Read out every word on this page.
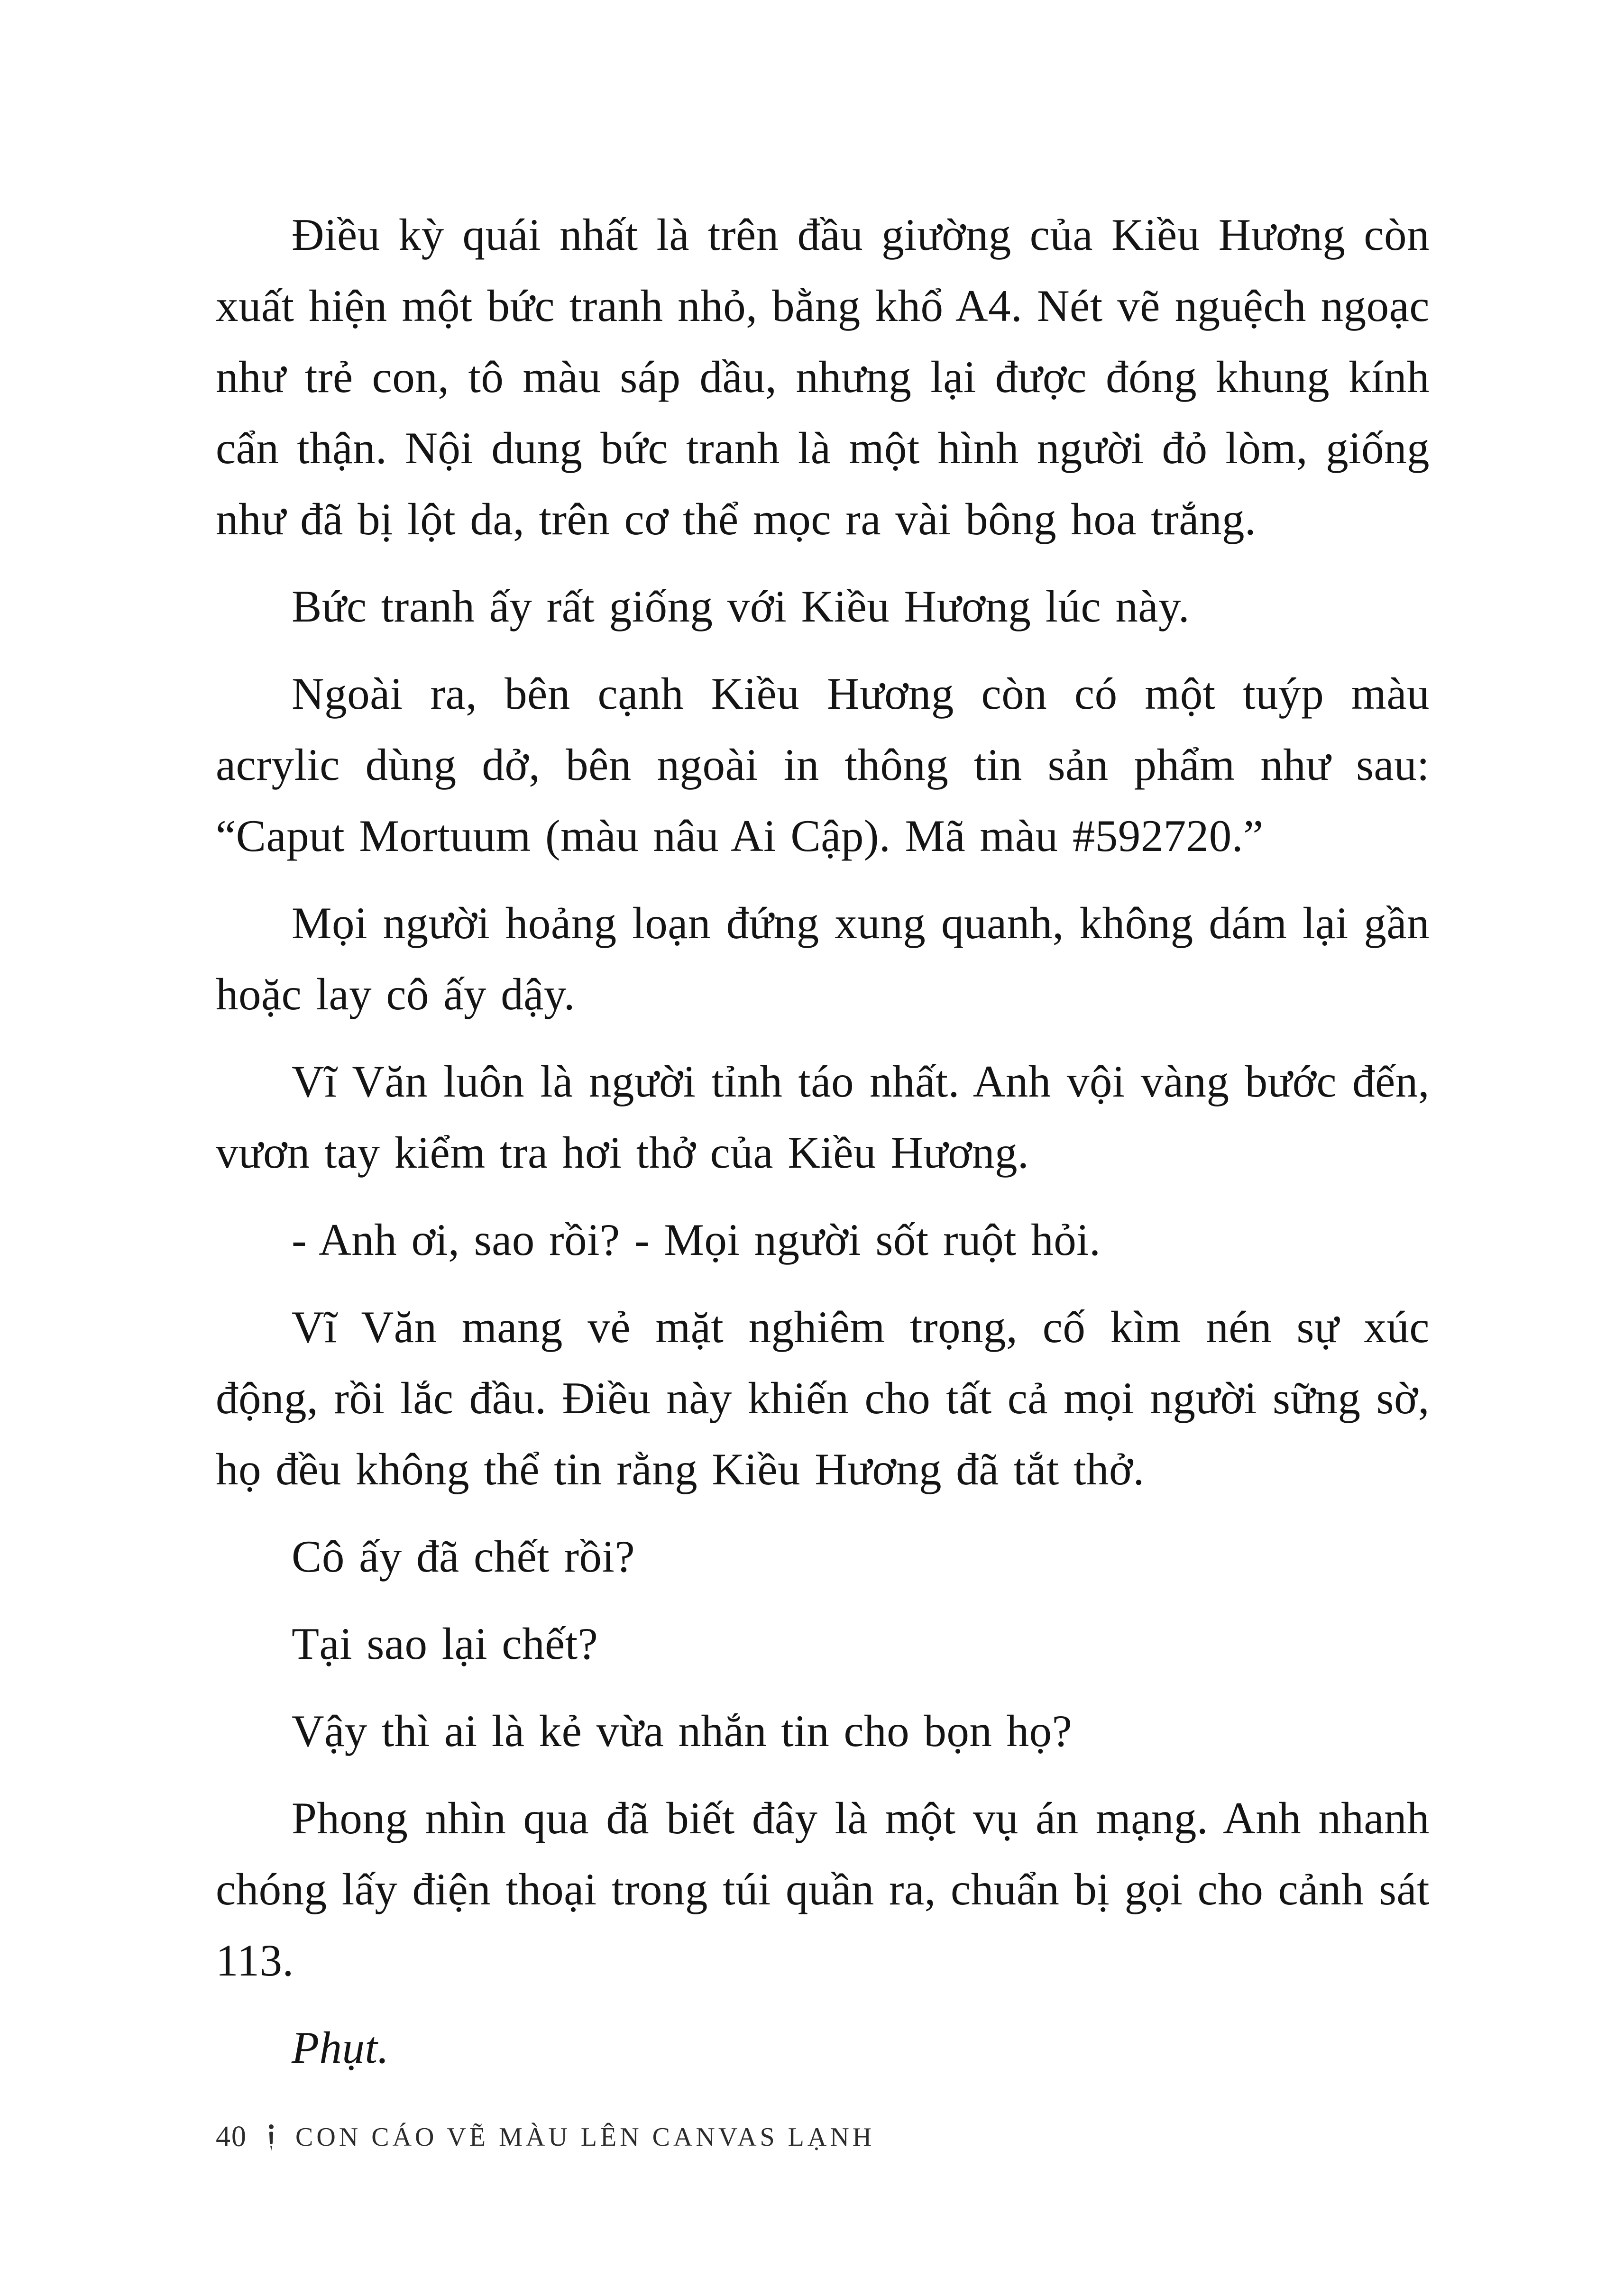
Điều kỳ quái nhất là trên đầu giường của Kiều Hương còn xuất hiện một bức tranh nhỏ, bằng khổ A4. Nét vẽ nguệch ngoạc như trẻ con, tô màu sáp dầu, nhưng lại được đóng khung kính cẩn thận. Nội dung bức tranh là một hình người đỏ lòm, giống như đã bị lột da, trên cơ thể mọc ra vài bông hoa trắng.

Bức tranh ấy rất giống với Kiều Hương lúc này.

Ngoài ra, bên cạnh Kiều Hương còn có một tuýp màu acrylic dùng dở, bên ngoài in thông tin sản phẩm như sau: “Caput Mortuum (màu nâu Ai Cập). Mã màu #592720.”

Mọi người hoảng loạn đứng xung quanh, không dám lại gần hoặc lay cô ấy dậy.

Vĩ Văn luôn là người tỉnh táo nhất. Anh vội vàng bước đến, vươn tay kiểm tra hơi thở của Kiều Hương.

- Anh ơi, sao rồi? - Mọi người sốt ruột hỏi.

Vĩ Văn mang vẻ mặt nghiêm trọng, cố kìm nén sự xúc động, rồi lắc đầu. Điều này khiến cho tất cả mọi người sững sờ, họ đều không thể tin rằng Kiều Hương đã tắt thở.

Cô ấy đã chết rồi?

Tại sao lại chết?

Vậy thì ai là kẻ vừa nhắn tin cho bọn họ?

Phong nhìn qua đã biết đây là một vụ án mạng. Anh nhanh chóng lấy điện thoại trong túi quần ra, chuẩn bị gọi cho cảnh sát 113.

Phụt.

40 CON CÁO VẼ MÀU LÊN CANVAS LẠNH
